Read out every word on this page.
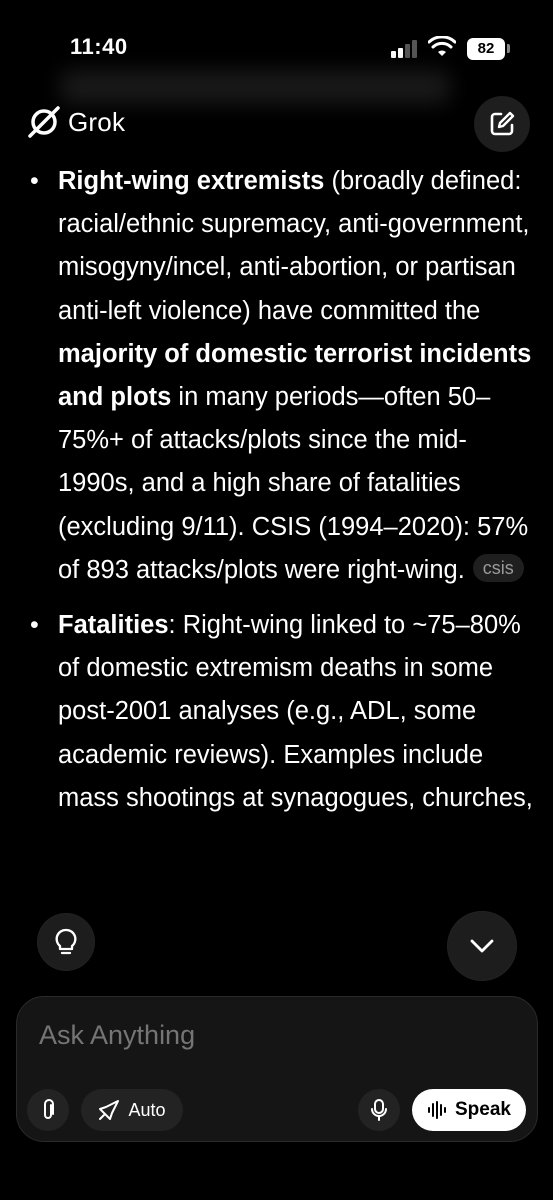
11:40	82
Grok
• Right-wing extremists (broadly defined: racial/ethnic supremacy, anti-government, misogyny/incel, anti-abortion, or partisan anti-left violence) have committed the majority of domestic terrorist incidents and plots in many periods—often 50–75%+ of attacks/plots since the mid-1990s, and a high share of fatalities (excluding 9/11). CSIS (1994–2020): 57% of 893 attacks/plots were right-wing. csis
• Fatalities: Right-wing linked to ~75–80% of domestic extremism deaths in some post-2001 analyses (e.g., ADL, some academic reviews). Examples include mass shootings at synagogues, churches,
Ask Anything
Auto	Speak
